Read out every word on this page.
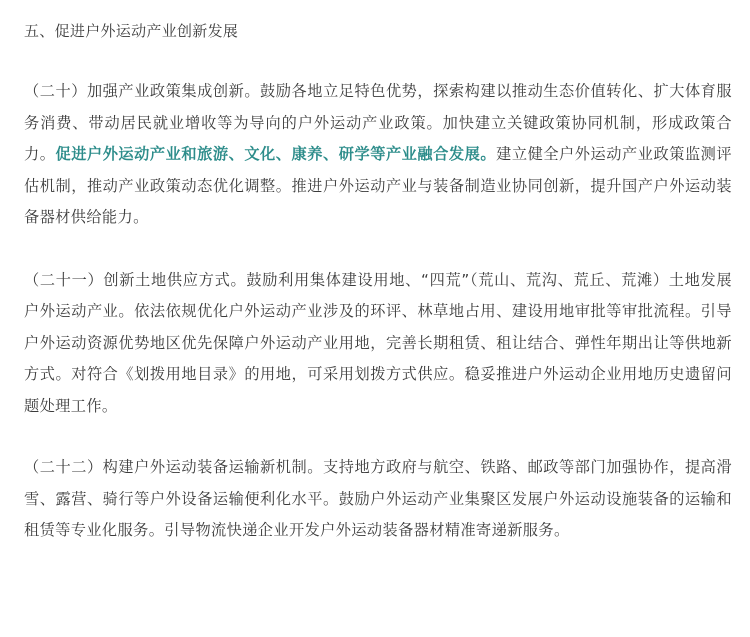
五、促进户外运动产业创新发展

（二十）加强产业政策集成创新。鼓励各地立足特色优势，探索构建以推动生态价值转化、扩大体育服务消费、带动居民就业增收等为导向的户外运动产业政策。加快建立关键政策协同机制，形成政策合力。促进户外运动产业和旅游、文化、康养、研学等产业融合发展。建立健全户外运动产业政策监测评估机制，推动产业政策动态优化调整。推进户外运动产业与装备制造业协同创新，提升国产户外运动装备器材供给能力。

（二十一）创新土地供应方式。鼓励利用集体建设用地、“四荒”（荒山、荒沟、荒丘、荒滩）土地发展户外运动产业。依法依规优化户外运动产业涉及的环评、林草地占用、建设用地审批等审批流程。引导户外运动资源优势地区优先保障户外运动产业用地，完善长期租赁、租让结合、弹性年期出让等供地新方式。对符合《划拨用地目录》的用地，可采用划拨方式供应。稳妥推进户外运动企业用地历史遗留问题处理工作。

（二十二）构建户外运动装备运输新机制。支持地方政府与航空、铁路、邮政等部门加强协作，提高滑雪、露营、骑行等户外设备运输便利化水平。鼓励户外运动产业集聚区发展户外运动设施装备的运输和租赁等专业化服务。引导物流快递企业开发户外运动装备器材精准寄递新服务。
